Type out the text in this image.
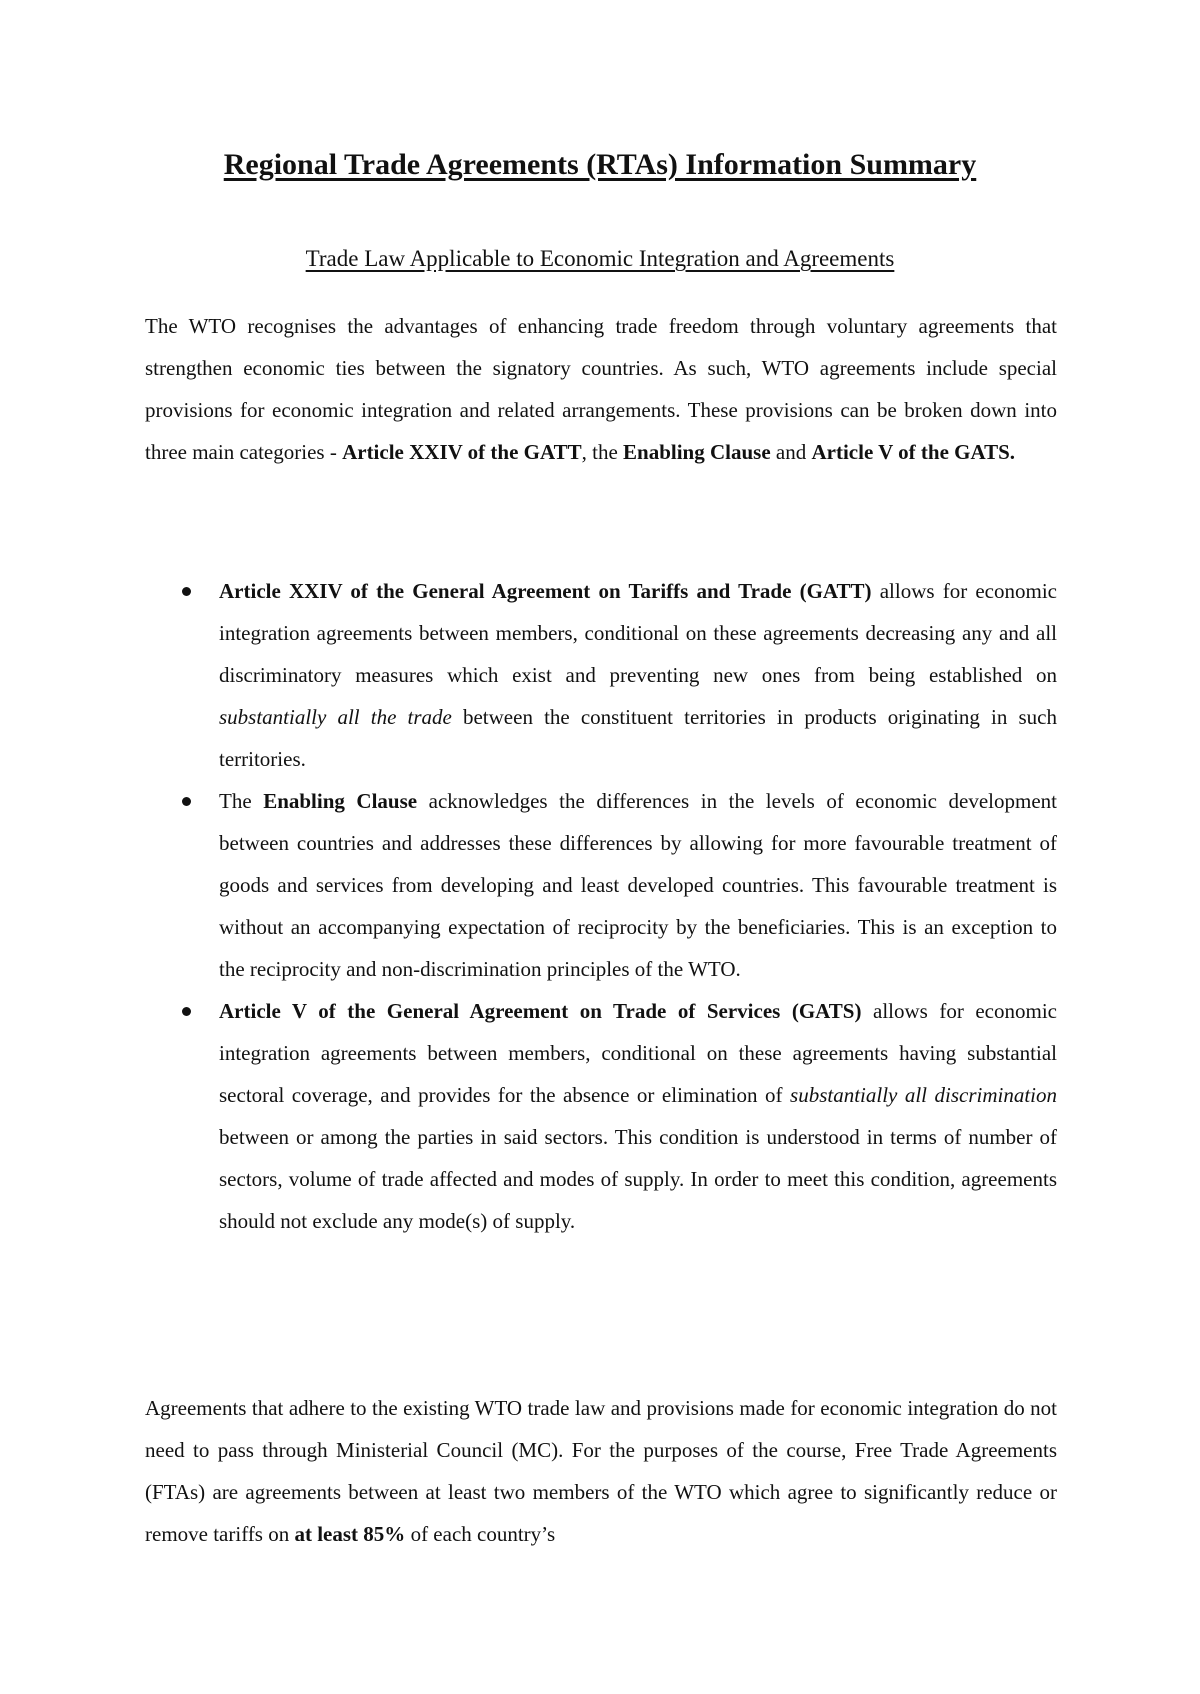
Regional Trade Agreements (RTAs) Information Summary
Trade Law Applicable to Economic Integration and Agreements

The WTO recognises the advantages of enhancing trade freedom through voluntary agreements that strengthen economic ties between the signatory countries. As such, WTO agreements include special provisions for economic integration and related arrangements. These provisions can be broken down into three main categories - Article XXIV of the GATT, the Enabling Clause and Article V of the GATS.

Article XXIV of the General Agreement on Tariffs and Trade (GATT) allows for economic integration agreements between members, conditional on these agreements decreasing any and all discriminatory measures which exist and preventing new ones from being established on substantially all the trade between the constituent territories in products originating in such territories.
The Enabling Clause acknowledges the differences in the levels of economic development between countries and addresses these differences by allowing for more favourable treatment of goods and services from developing and least developed countries. This favourable treatment is without an accompanying expectation of reciprocity by the beneficiaries. This is an exception to the reciprocity and non-discrimination principles of the WTO.
Article V of the General Agreement on Trade of Services (GATS) allows for economic integration agreements between members, conditional on these agreements having substantial sectoral coverage, and provides for the absence or elimination of substantially all discrimination between or among the parties in said sectors. This condition is understood in terms of number of sectors, volume of trade affected and modes of supply. In order to meet this condition, agreements should not exclude any mode(s) of supply.

Agreements that adhere to the existing WTO trade law and provisions made for economic integration do not need to pass through Ministerial Council (MC). For the purposes of the course, Free Trade Agreements (FTAs) are agreements between at least two members of the WTO which agree to significantly reduce or remove tariffs on at least 85% of each country’s
